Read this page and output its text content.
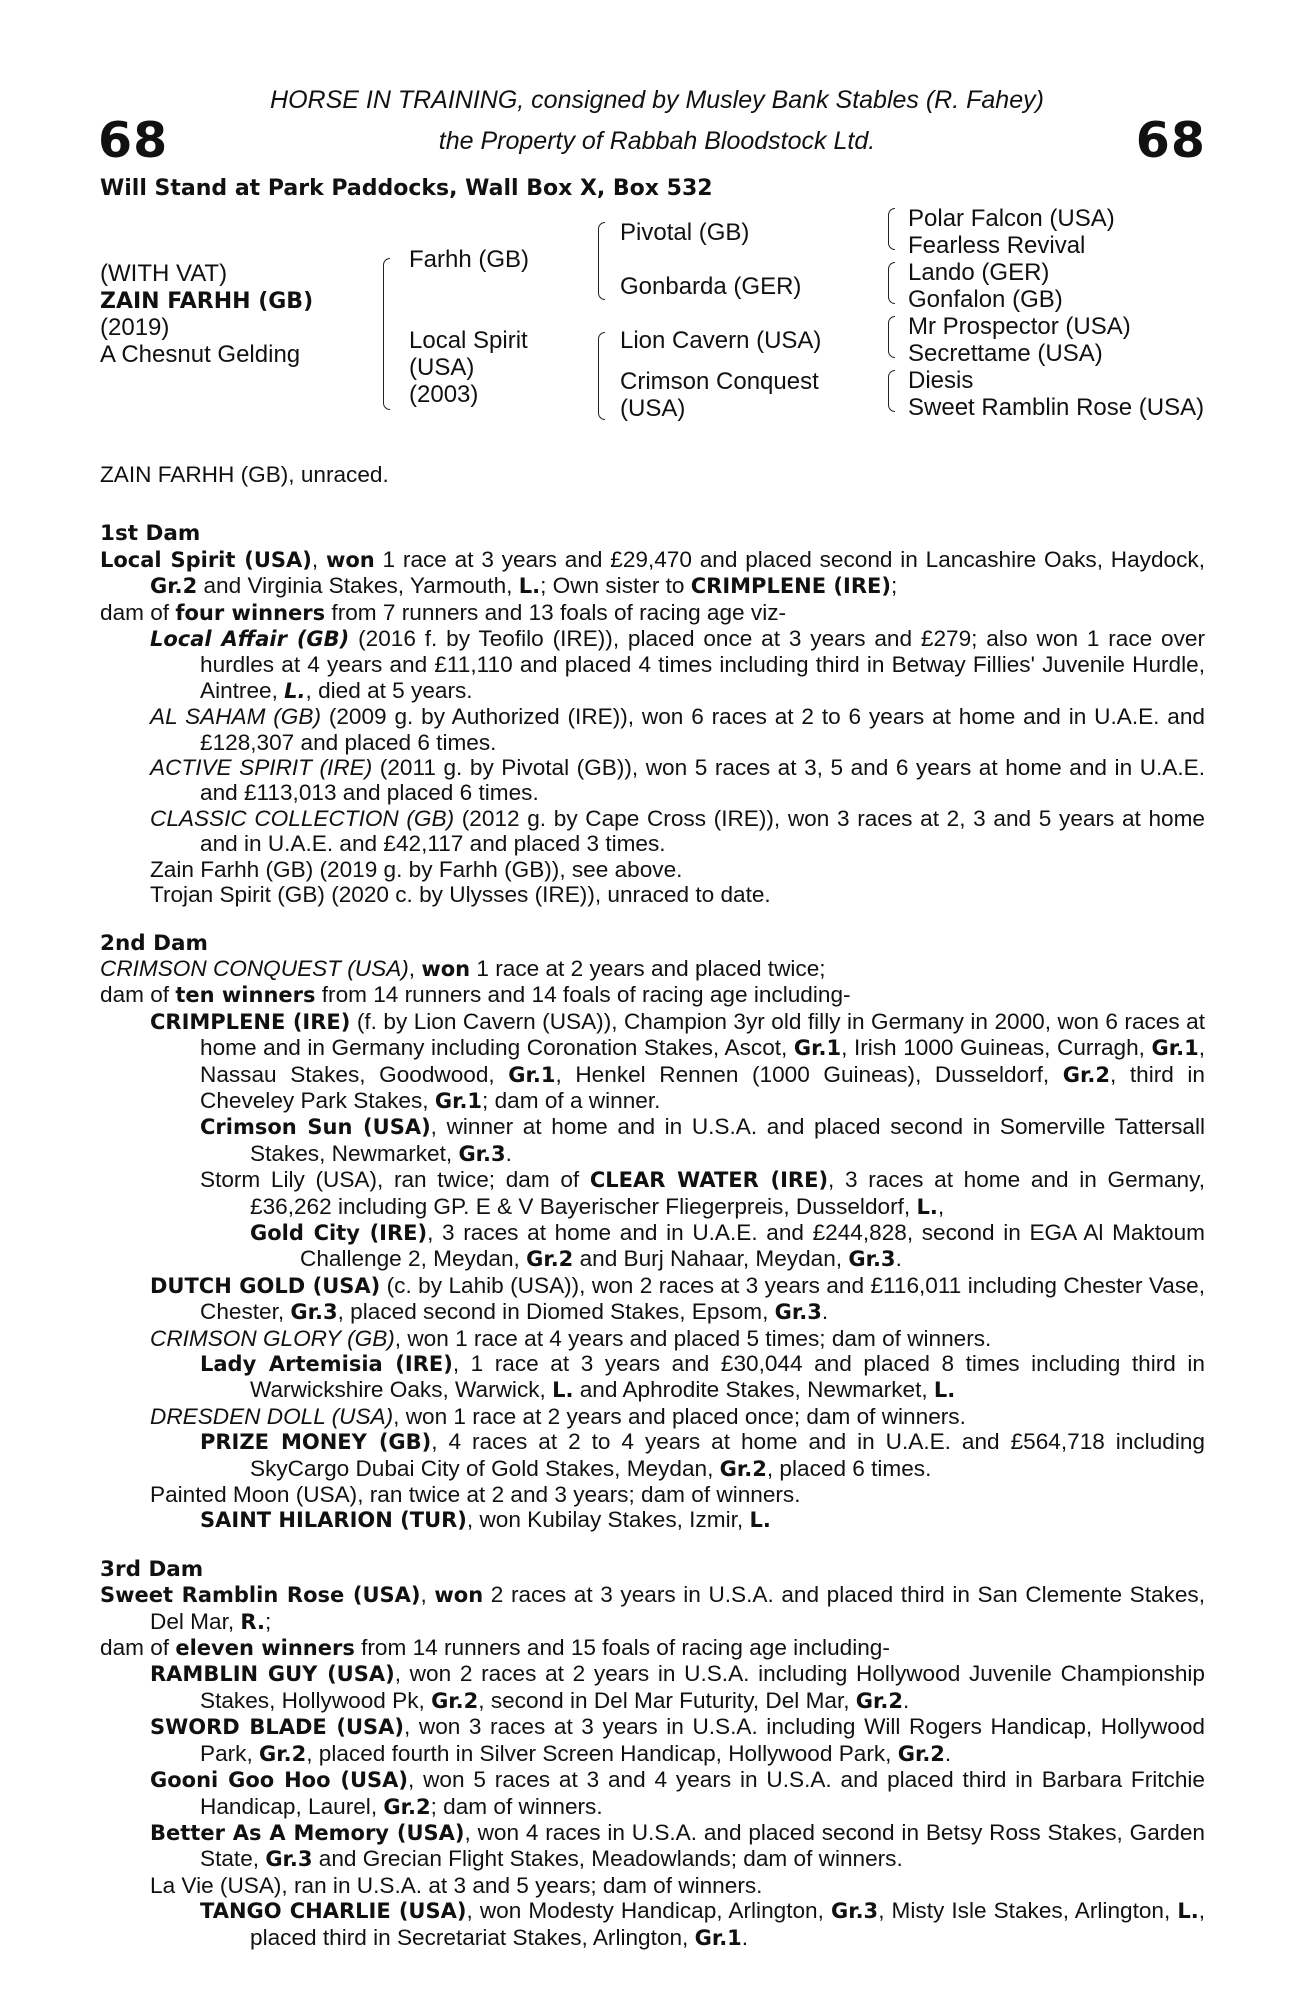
68	68
HORSE IN TRAINING, consigned by Musley Bank Stables (R. Fahey)
the Property of Rabbah Bloodstock Ltd.
Will Stand at Park Paddocks, Wall Box X, Box 532
(WITH VAT)
ZAIN FARHH (GB)
(2019)
A Chesnut Gelding
Farhh (GB)
Local Spirit
(USA)
(2003)
Pivotal (GB)
Gonbarda (GER)
Lion Cavern (USA)
Crimson Conquest
(USA)
Polar Falcon (USA)
Fearless Revival
Lando (GER)
Gonfalon (GB)
Mr Prospector (USA)
Secrettame (USA)
Diesis
Sweet Ramblin Rose (USA)

ZAIN FARHH (GB), unraced.

1st Dam

Local Spirit (USA), won 1 race at 3 years and £29,470 and placed second in Lancashire Oaks, Haydock, Gr.2 and Virginia Stakes, Yarmouth, L.; Own sister to CRIMPLENE (IRE);

dam of four winners from 7 runners and 13 foals of racing age viz-

Local Affair (GB) (2016 f. by Teofilo (IRE)), placed once at 3 years and £279; also won 1 race over hurdles at 4 years and £11,110 and placed 4 times including third in Betway Fillies' Juvenile Hurdle, Aintree, L., died at 5 years.

AL SAHAM (GB) (2009 g. by Authorized (IRE)), won 6 races at 2 to 6 years at home and in U.A.E. and £128,307 and placed 6 times.

ACTIVE SPIRIT (IRE) (2011 g. by Pivotal (GB)), won 5 races at 3, 5 and 6 years at home and in U.A.E. and £113,013 and placed 6 times.

CLASSIC COLLECTION (GB) (2012 g. by Cape Cross (IRE)), won 3 races at 2, 3 and 5 years at home and in U.A.E. and £42,117 and placed 3 times.

Zain Farhh (GB) (2019 g. by Farhh (GB)), see above.

Trojan Spirit (GB) (2020 c. by Ulysses (IRE)), unraced to date.

2nd Dam

CRIMSON CONQUEST (USA), won 1 race at 2 years and placed twice;

dam of ten winners from 14 runners and 14 foals of racing age including-

CRIMPLENE (IRE) (f. by Lion Cavern (USA)), Champion 3yr old filly in Germany in 2000, won 6 races at home and in Germany including Coronation Stakes, Ascot, Gr.1, Irish 1000 Guineas, Curragh, Gr.1, Nassau Stakes, Goodwood, Gr.1, Henkel Rennen (1000 Guineas), Dusseldorf, Gr.2, third in Cheveley Park Stakes, Gr.1; dam of a winner.

Crimson Sun (USA), winner at home and in U.S.A. and placed second in Somerville Tattersall Stakes, Newmarket, Gr.3.

Storm Lily (USA), ran twice; dam of CLEAR WATER (IRE), 3 races at home and in Germany, £36,262 including GP. E & V Bayerischer Fliegerpreis, Dusseldorf, L.,

Gold City (IRE), 3 races at home and in U.A.E. and £244,828, second in EGA Al Maktoum Challenge 2, Meydan, Gr.2 and Burj Nahaar, Meydan, Gr.3.

DUTCH GOLD (USA) (c. by Lahib (USA)), won 2 races at 3 years and £116,011 including Chester Vase, Chester, Gr.3, placed second in Diomed Stakes, Epsom, Gr.3.

CRIMSON GLORY (GB), won 1 race at 4 years and placed 5 times; dam of winners.

Lady Artemisia (IRE), 1 race at 3 years and £30,044 and placed 8 times including third in Warwickshire Oaks, Warwick, L. and Aphrodite Stakes, Newmarket, L.

DRESDEN DOLL (USA), won 1 race at 2 years and placed once; dam of winners.

PRIZE MONEY (GB), 4 races at 2 to 4 years at home and in U.A.E. and £564,718 including SkyCargo Dubai City of Gold Stakes, Meydan, Gr.2, placed 6 times.

Painted Moon (USA), ran twice at 2 and 3 years; dam of winners.

SAINT HILARION (TUR), won Kubilay Stakes, Izmir, L.

3rd Dam

Sweet Ramblin Rose (USA), won 2 races at 3 years in U.S.A. and placed third in San Clemente Stakes, Del Mar, R.;

dam of eleven winners from 14 runners and 15 foals of racing age including-

RAMBLIN GUY (USA), won 2 races at 2 years in U.S.A. including Hollywood Juvenile Championship Stakes, Hollywood Pk, Gr.2, second in Del Mar Futurity, Del Mar, Gr.2.

SWORD BLADE (USA), won 3 races at 3 years in U.S.A. including Will Rogers Handicap, Hollywood Park, Gr.2, placed fourth in Silver Screen Handicap, Hollywood Park, Gr.2.

Gooni Goo Hoo (USA), won 5 races at 3 and 4 years in U.S.A. and placed third in Barbara Fritchie Handicap, Laurel, Gr.2; dam of winners.

Better As A Memory (USA), won 4 races in U.S.A. and placed second in Betsy Ross Stakes, Garden State, Gr.3 and Grecian Flight Stakes, Meadowlands; dam of winners.

La Vie (USA), ran in U.S.A. at 3 and 5 years; dam of winners.

TANGO CHARLIE (USA), won Modesty Handicap, Arlington, Gr.3, Misty Isle Stakes, Arlington, L., placed third in Secretariat Stakes, Arlington, Gr.1.
